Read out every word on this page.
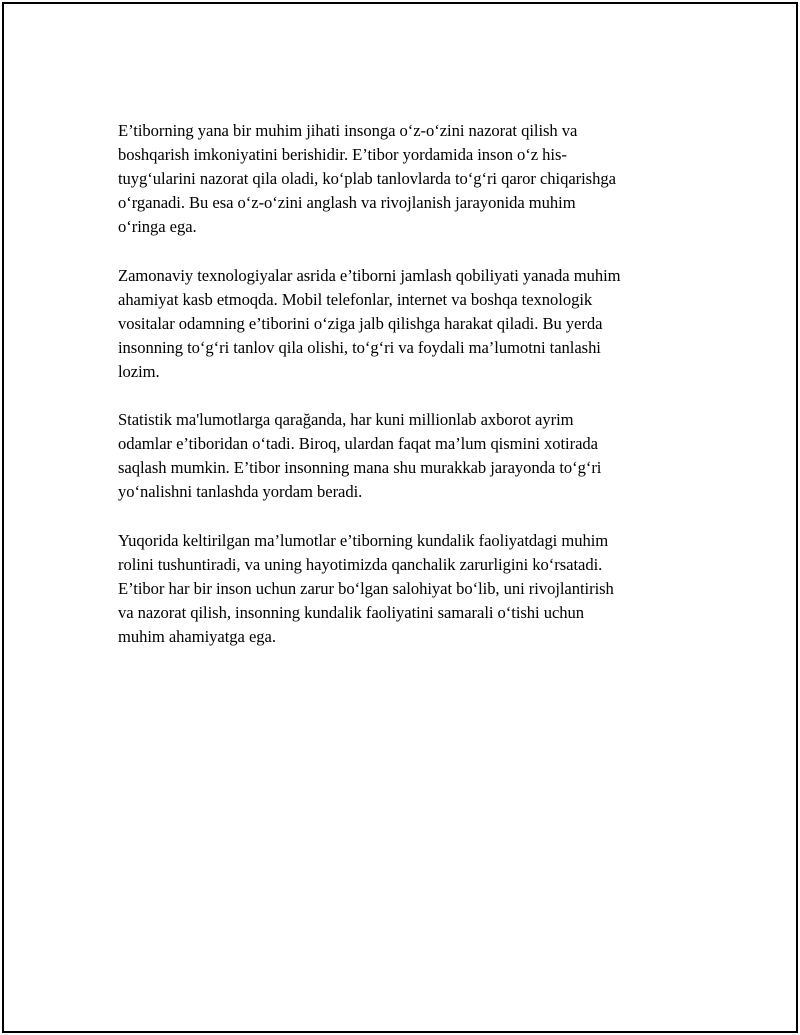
E’tiborning yana bir muhim jihati insonga o‘z-o‘zini nazorat qilish va
boshqarish imkoniyatini berishidir. E’tibor yordamida inson o‘z his-
tuyg‘ularini nazorat qila oladi, ko‘plab tanlovlarda to‘g‘ri qaror chiqarishga
o‘rganadi. Bu esa o‘z-o‘zini anglash va rivojlanish jarayonida muhim
o‘ringa ega.
Zamonaviy texnologiyalar asrida e’tiborni jamlash qobiliyati yanada muhim
ahamiyat kasb etmoqda. Mobil telefonlar, internet va boshqa texnologik
vositalar odamning e’tiborini o‘ziga jalb qilishga harakat qiladi. Bu yerda
insonning to‘g‘ri tanlov qila olishi, to‘g‘ri va foydali ma’lumotni tanlashi
lozim.
Statistik ma'lumotlarga qarağanda, har kuni millionlab axborot ayrim
odamlar e’tiboridan o‘tadi. Biroq, ulardan faqat ma’lum qismini xotirada
saqlash mumkin. E’tibor insonning mana shu murakkab jarayonda to‘g‘ri
yo‘nalishni tanlashda yordam beradi.
Yuqorida keltirilgan ma’lumotlar e’tiborning kundalik faoliyatdagi muhim
rolini tushuntiradi, va uning hayotimizda qanchalik zarurligini ko‘rsatadi.
E’tibor har bir inson uchun zarur bo‘lgan salohiyat bo‘lib, uni rivojlantirish
va nazorat qilish, insonning kundalik faoliyatini samarali o‘tishi uchun
muhim ahamiyatga ega.
